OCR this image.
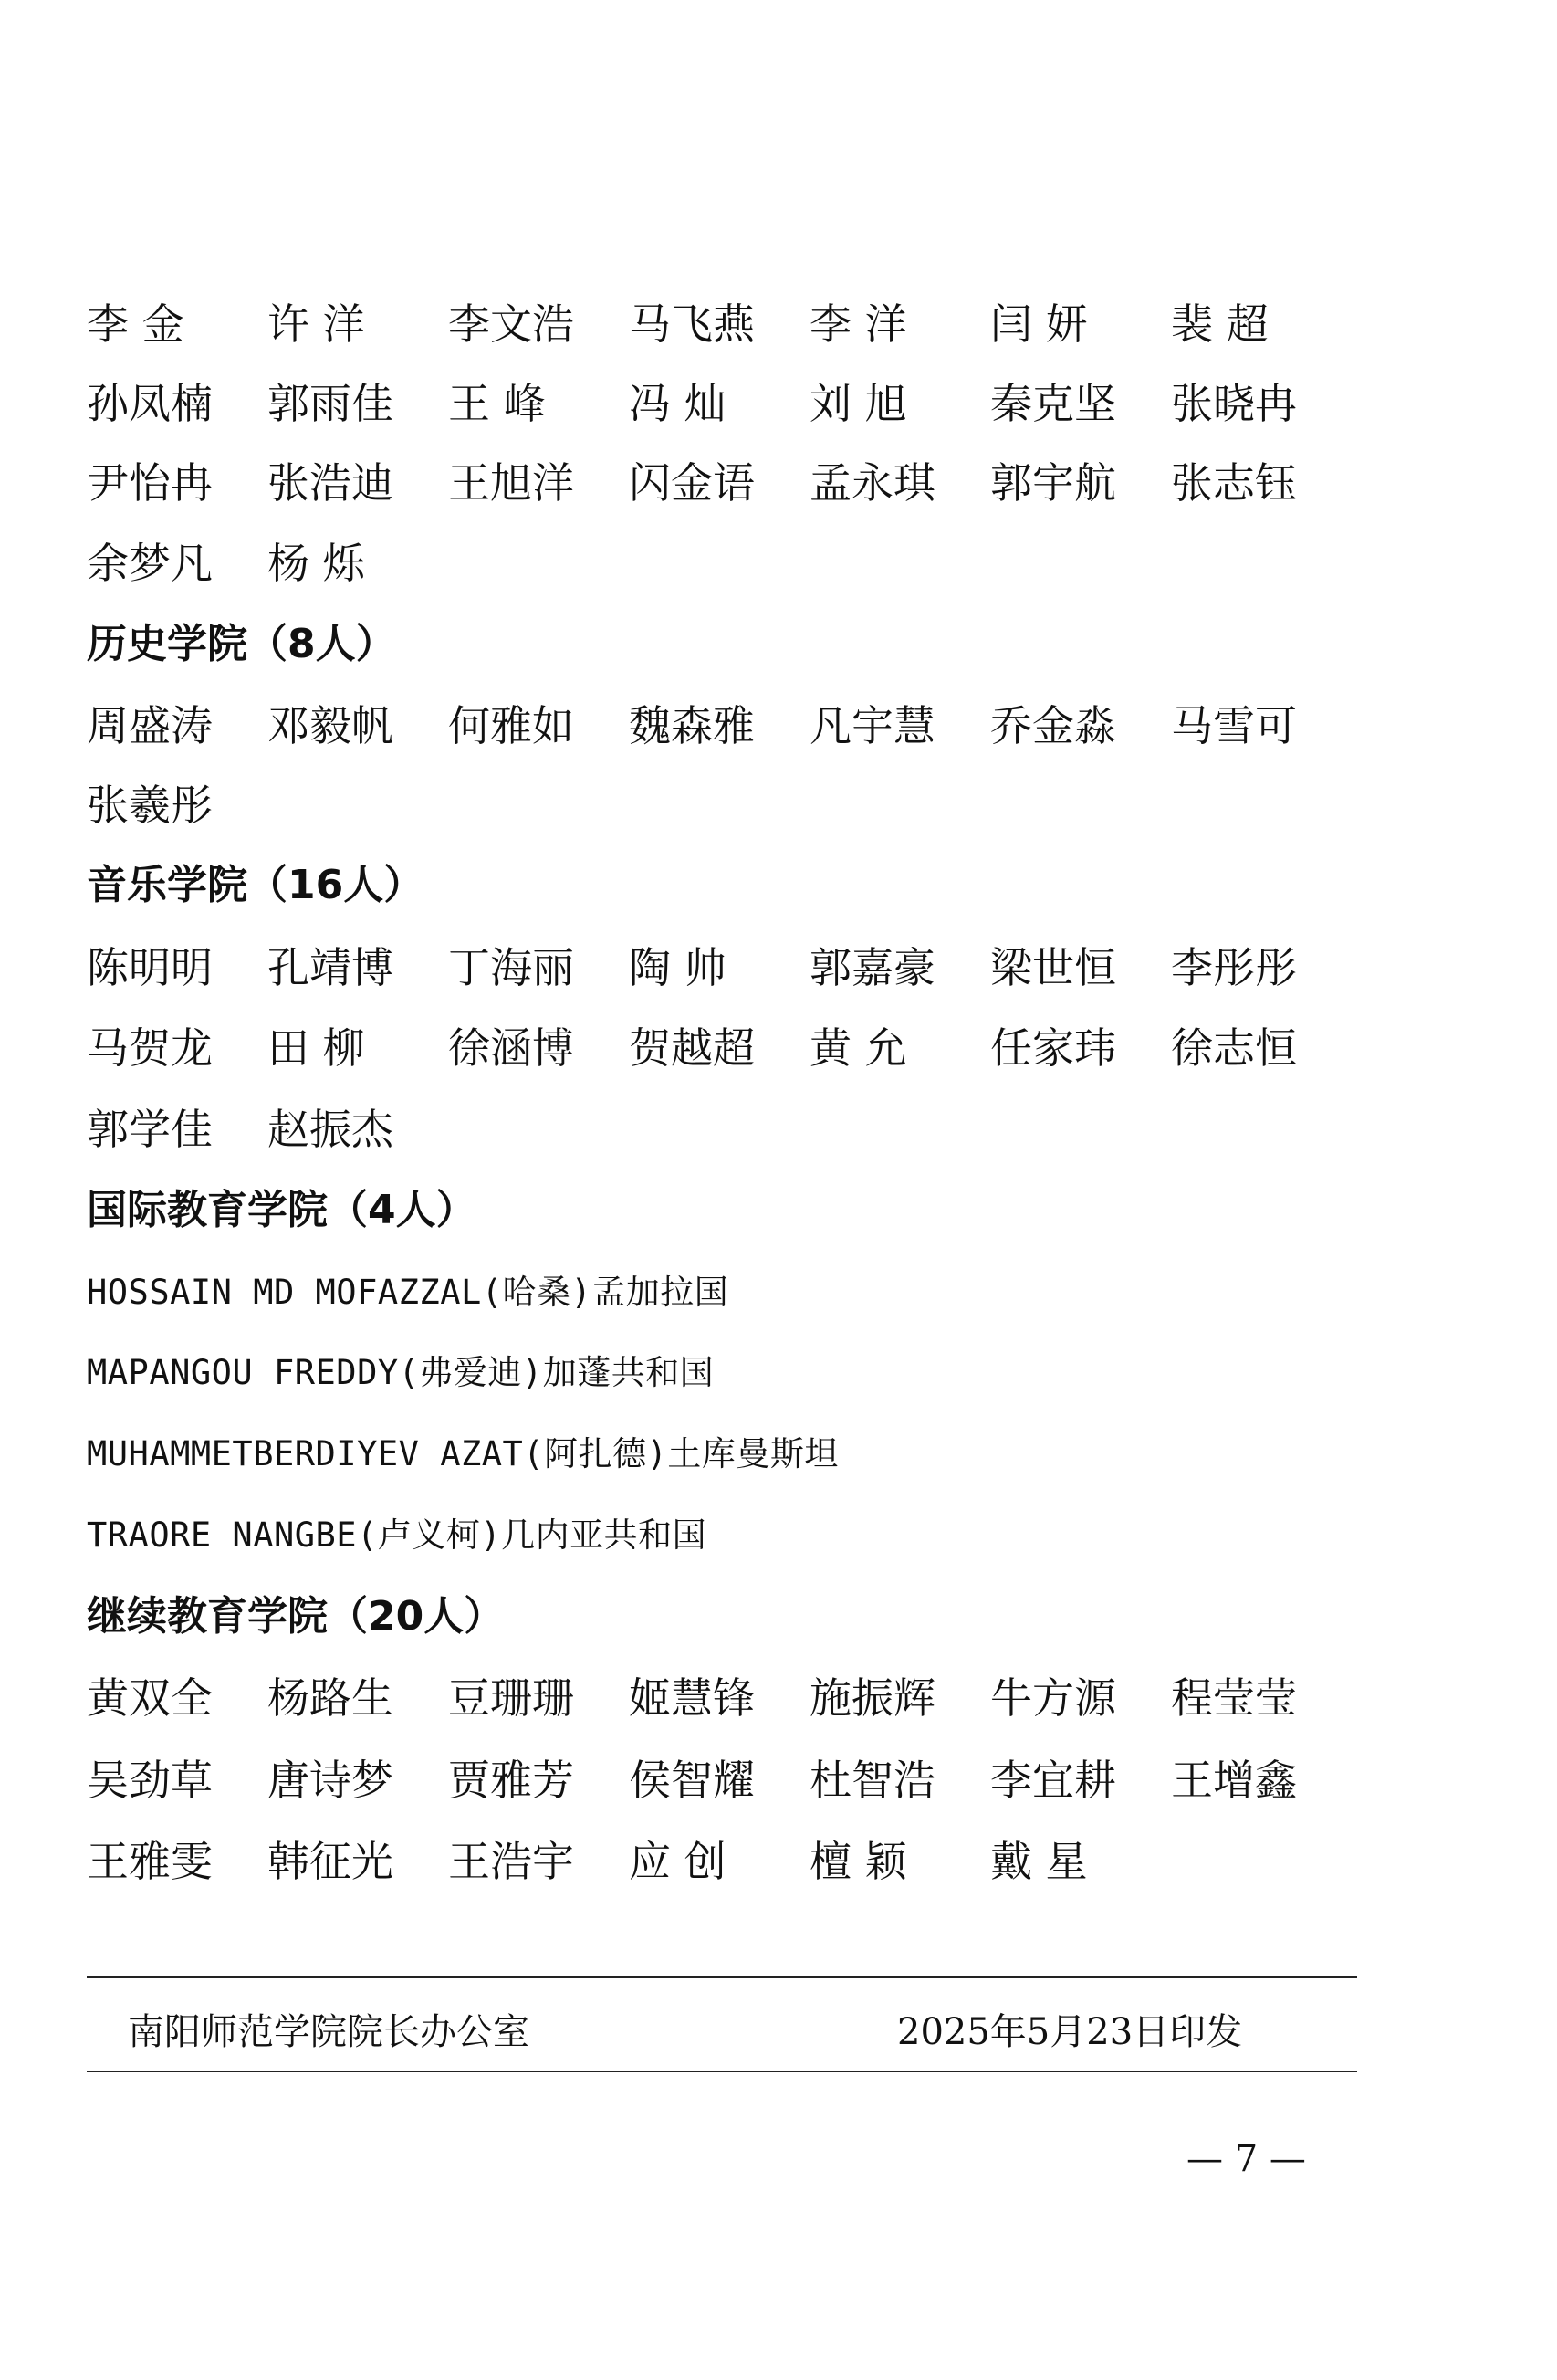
李 金	许 洋	李文浩 马飞燕 李 洋	闫 妍	裴 超
孙凤楠 郭雨佳 王 峰	冯 灿	刘 旭	秦克坚 张晓冉
尹怡冉 张浩迪 王旭洋 闪金语 孟永琪 郭宇航 张志钰
余梦凡 杨 烁
历史学院（8人）
周盛涛 邓毅帆 何雅如 魏森雅 凡宇慧 乔金淼 马雪可
张羲彤
音乐学院（16人）
陈明明 孔靖博 丁海丽 陶 帅	郭嘉豪 梁世恒 李彤彤
马贺龙 田 柳	徐涵博 贺越超 黄 允	任家玮 徐志恒
郭学佳 赵振杰
国际教育学院（4人）
HOSSAIN MD MOFAZZAL(哈桑)孟加拉国
MAPANGOU FREDDY(弗爱迪)加蓬共和国
MUHAMMETBERDIYEV AZAT(阿扎德)土库曼斯坦
TRAORE NANGBE(卢义柯)几内亚共和国
继续教育学院（20人）
黄双全 杨路生 豆珊珊 姬慧锋 施振辉 牛方源 程莹莹
吴劲草 唐诗梦 贾雅芳 侯智耀 杜智浩 李宜耕 王增鑫
王雅雯 韩征光 王浩宇 应 创	檀 颖	戴 星
南阳师范学院院长办公室	2025年5月23日印发
— 7 —
